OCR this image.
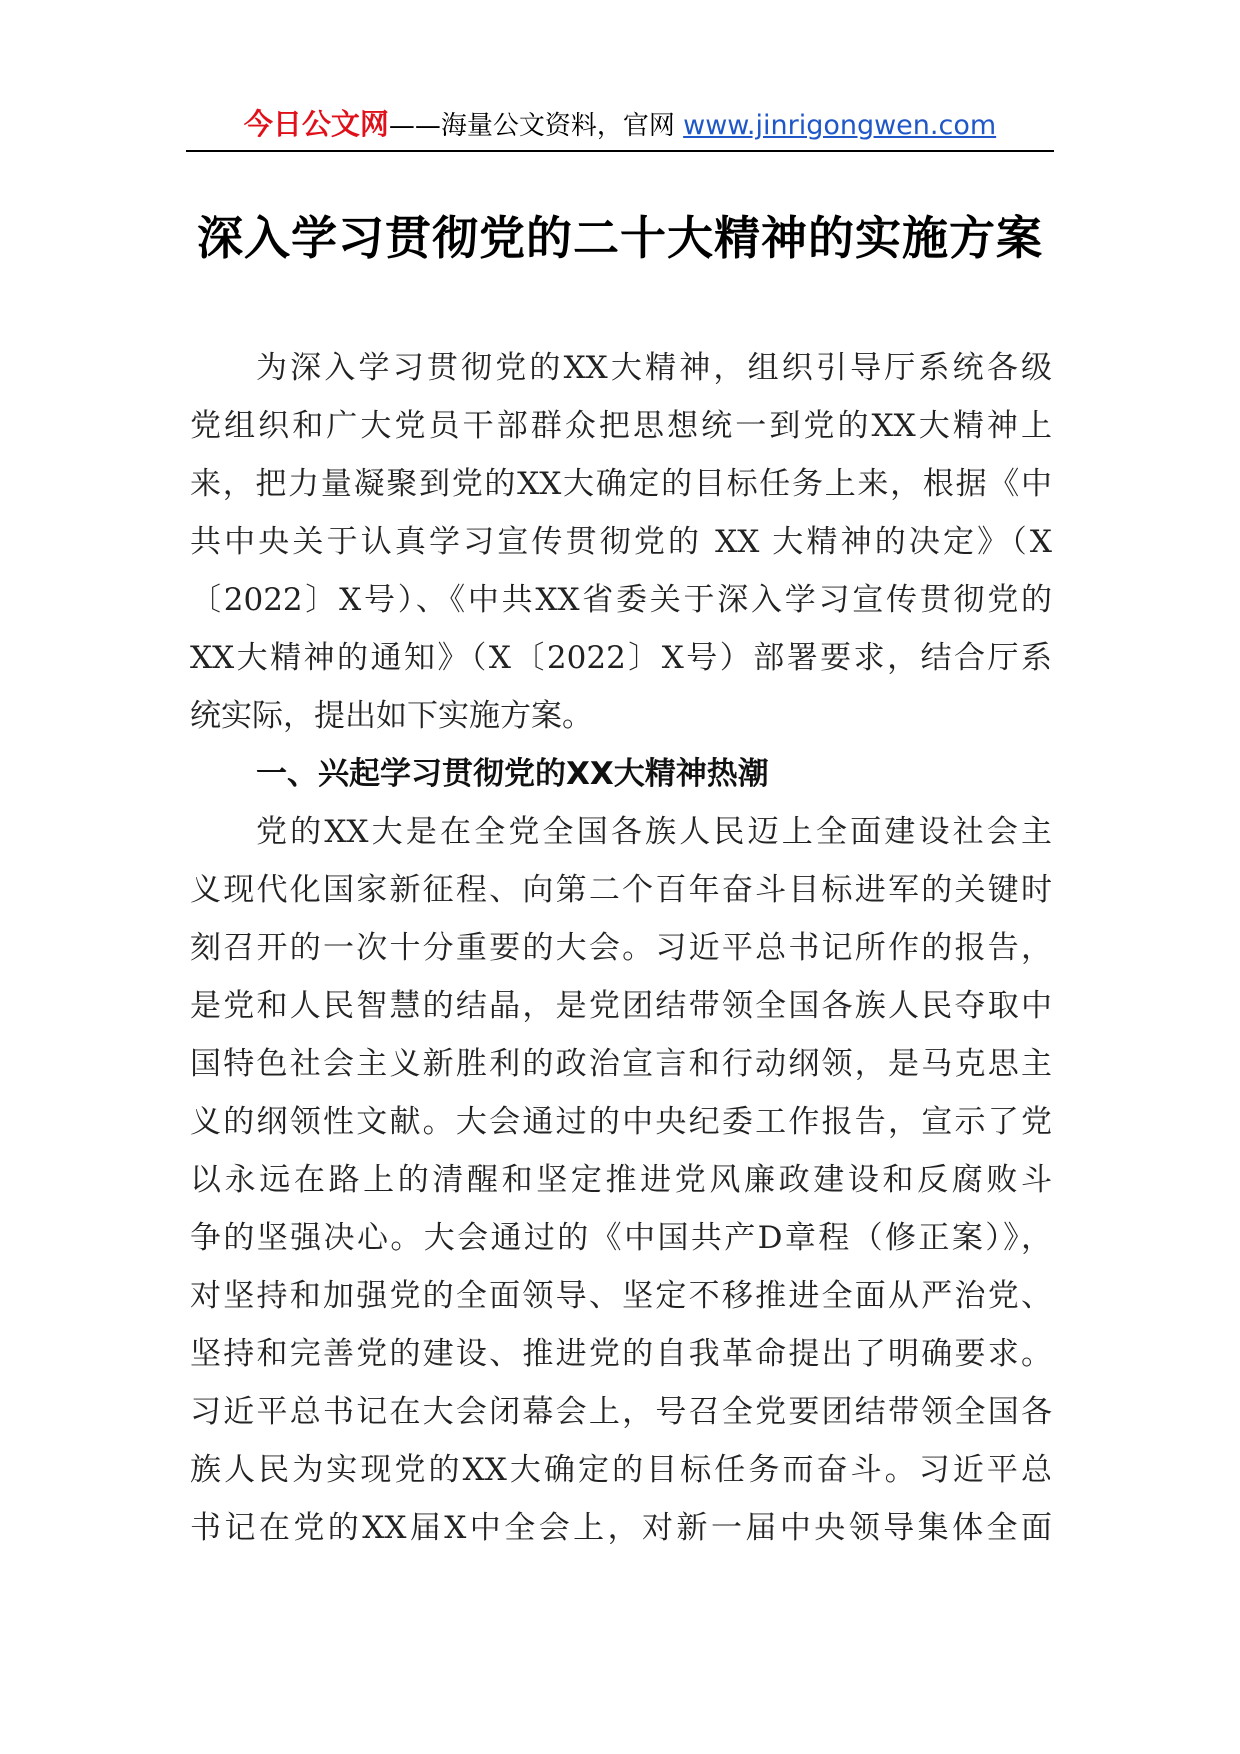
今日公文网——海量公文资料，官网 www.jinrigongwen.com
深入学习贯彻党的二十大精神的实施方案
为深入学习贯彻党的XX大精神，组织引导厅系统各级
党组织和广大党员干部群众把思想统一到党的XX大精神上
来，把力量凝聚到党的XX大确定的目标任务上来，根据《中
共中央关于认真学习宣传贯彻党的 XX 大精神的决定》（X
〔2022〕X号）、《中共XX省委关于深入学习宣传贯彻党的
XX大精神的通知》（X〔2022〕X号）部署要求，结合厅系
统实际，提出如下实施方案。
一、兴起学习贯彻党的XX大精神热潮
党的XX大是在全党全国各族人民迈上全面建设社会主
义现代化国家新征程、向第二个百年奋斗目标进军的关键时
刻召开的一次十分重要的大会。习近平总书记所作的报告，
是党和人民智慧的结晶，是党团结带领全国各族人民夺取中
国特色社会主义新胜利的政治宣言和行动纲领，是马克思主
义的纲领性文献。大会通过的中央纪委工作报告，宣示了党
以永远在路上的清醒和坚定推进党风廉政建设和反腐败斗
争的坚强决心。大会通过的《中国共产D章程（修正案）》，
对坚持和加强党的全面领导、坚定不移推进全面从严治党、
坚持和完善党的建设、推进党的自我革命提出了明确要求。
习近平总书记在大会闭幕会上，号召全党要团结带领全国各
族人民为实现党的XX大确定的目标任务而奋斗。习近平总
书记在党的XX届X中全会上，对新一届中央领导集体全面
